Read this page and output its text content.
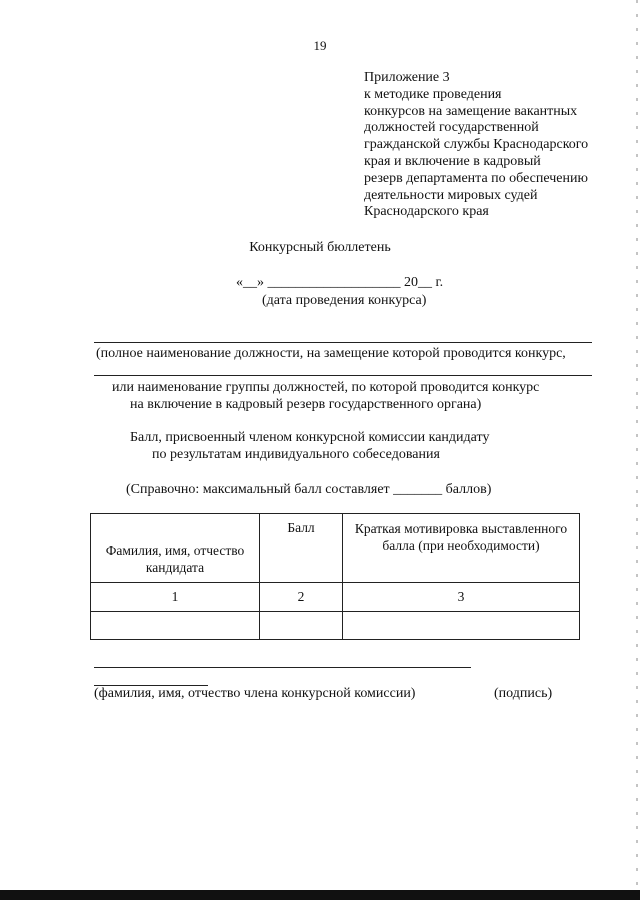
19
Приложение 3
к методике проведения
конкурсов на замещение вакантных
должностей государственной
гражданской службы Краснодарского
края и включение в кадровый
резерв департамента по обеспечению
деятельности мировых судей
Краснодарского края
Конкурсный бюллетень
«__» ___________________ 20__ г.
(дата проведения конкурса)
(полное наименование должности, на замещение которой проводится конкурс,
или наименование группы должностей, по которой проводится конкурс
на включение в кадровый резерв государственного органа)
Балл, присвоенный членом конкурсной комиссии кандидату
по результатам индивидуального собеседования
(Справочно: максимальный балл составляет _______ баллов)
Фамилия, имя, отчество кандидата	Балл	Краткая мотивировка выставленного балла (при необходимости)
1	2	3

(фамилия, имя, отчество члена конкурсной комиссии)	(подпись)
